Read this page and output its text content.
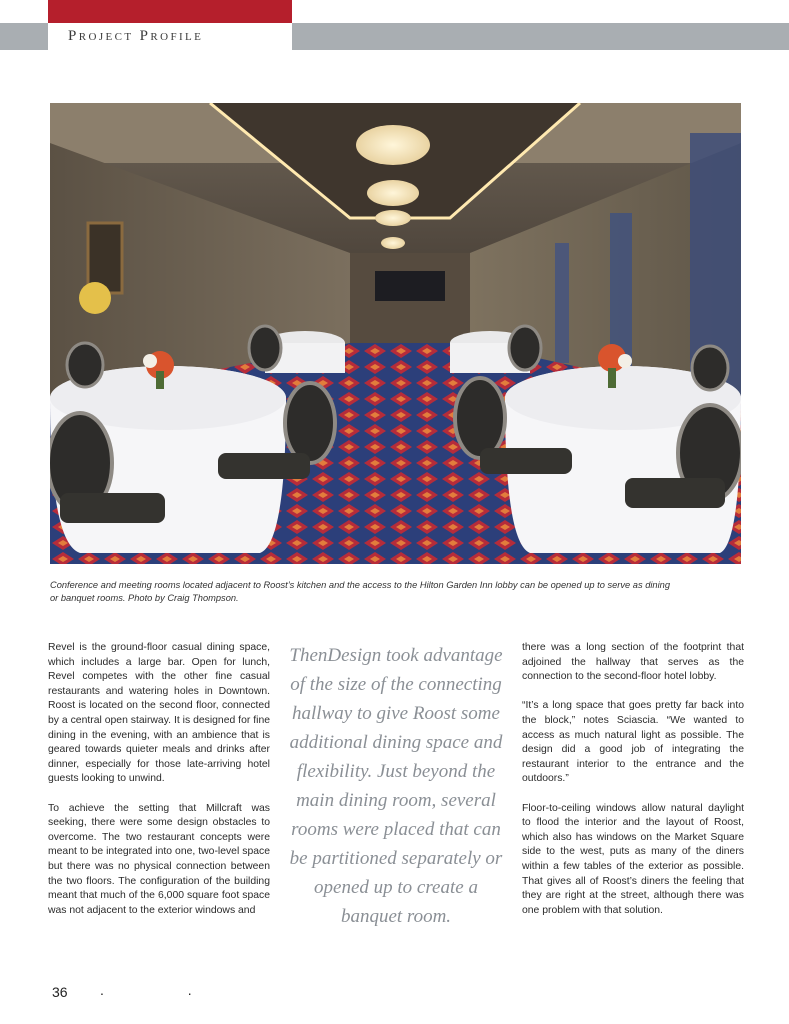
Project Profile
Conference and meeting rooms located adjacent to Roost’s kitchen and the access to the Hilton Garden Inn lobby can be opened up to serve as dining or banquet rooms. Photo by Craig Thompson.

Revel is the ground-floor casual dining space, which includes a large bar. Open for lunch, Revel competes with the other fine casual restaurants and watering holes in Downtown. Roost is located on the second floor, connected by a central open stairway. It is designed for fine dining in the evening, with an ambience that is geared towards quieter meals and drinks after dinner, especially for those late-arriving hotel guests looking to unwind.

To achieve the setting that Millcraft was seeking, there were some design obstacles to overcome. The two restaurant concepts were meant to be integrated into one, two-level space but there was no physical connection between the two floors. The configuration of the building meant that much of the 6,000 square foot space was not adjacent to the exterior windows and

ThenDesign took advantage of the size of the connecting hallway to give Roost some additional dining space and flexibility. Just beyond the main dining room, several rooms were placed that can be partitioned separately or opened up to create a banquet room.

there was a long section of the footprint that adjoined the hallway that serves as the connection to the second-floor hotel lobby.

“It’s a long space that goes pretty far back into the block,” notes Sciascia. “We wanted to access as much natural light as possible. The design did a good job of integrating the restaurant interior to the entrance and the outdoors.”

Floor-to-ceiling windows allow natural daylight to flood the interior and the layout of Roost, which also has windows on the Market Square side to the west, puts as many of the diners within a few tables of the exterior as possible. That gives all of Roost’s diners the feeling that they are right at the street, although there was one problem with that solution.

36 . .
